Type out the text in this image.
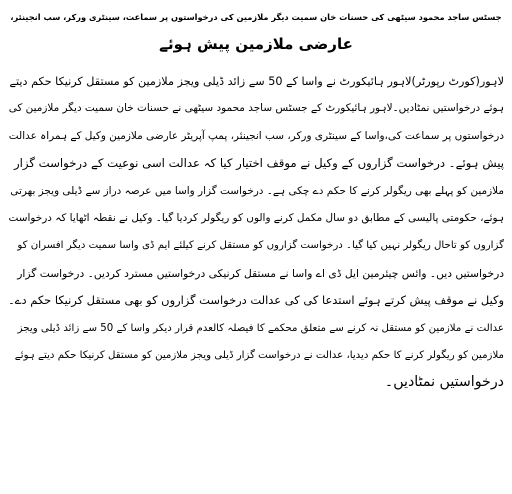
جسٹس ساجد محمود سیٹھی کی حسنات خان سمیت دیگر ملازمین کی درخواستوں پر سماعت، سینٹری ورکر، سب انجینئر،
عارضی ملازمین پیش ہوئے
لاہور(کورٹ رپورٹر)لاہور ہائیکورٹ نے واسا کے 50 سے زائد ڈیلی ویجز ملازمین کو مستقل کرنیکا حکم دیتے
ہوئے درخواستیں نمٹادیں۔لاہور ہائیکورٹ کے جسٹس ساجد محمود سیٹھی نے حسنات خان سمیت دیگر ملازمین کی
درخواستوں پر سماعت کی،واسا کے سینٹری ورکر، سب انجینئر، پمپ آپریٹر عارضی ملازمین وکیل کے ہمراہ عدالت
پیش ہوئے۔ درخواست گزاروں کے وکیل نے موقف اختیار کیا کہ عدالت اسی نوعیت کے درخواست گزار
ملازمین کو پہلے بھی ریگولر کرنے کا حکم دے چکی ہے۔ درخواست گزار واسا میں عرصہ دراز سے ڈیلی ویجز بھرتی
ہوئے، حکومتی پالیسی کے مطابق دو سال مکمل کرنے والوں کو ریگولر کردیا گیا۔ وکیل نے نقطہ اٹھایا کہ درخواست
گزاروں کو تاحال ریگولر نہیں کیا گیا۔ درخواست گزاروں کو مستقل کرنے کیلئے ایم ڈی واسا سمیت دیگر افسران کو
درخواستیں دیں۔ وائس چیئرمین ایل ڈی اے واسا نے مستقل کرنیکی درخواستیں مسترد کردیں۔ درخواست گزار
وکیل نے موقف پیش کرتے ہوئے استدعا کی کی عدالت درخواست گزاروں کو بھی مستقل کرنیکا حکم دے۔
عدالت نے ملازمین کو مستقل نہ کرنے سے متعلق محکمے کا فیصلہ کالعدم قرار دیکر واسا کے 50 سے زائد ڈیلی ویجز
ملازمین کو ریگولر کرنے کا حکم دیدیا، عدالت نے درخواست گزار ڈیلی ویجز ملازمین کو مستقل کرنیکا حکم دیتے ہوئے
درخواستیں نمٹادیں۔
